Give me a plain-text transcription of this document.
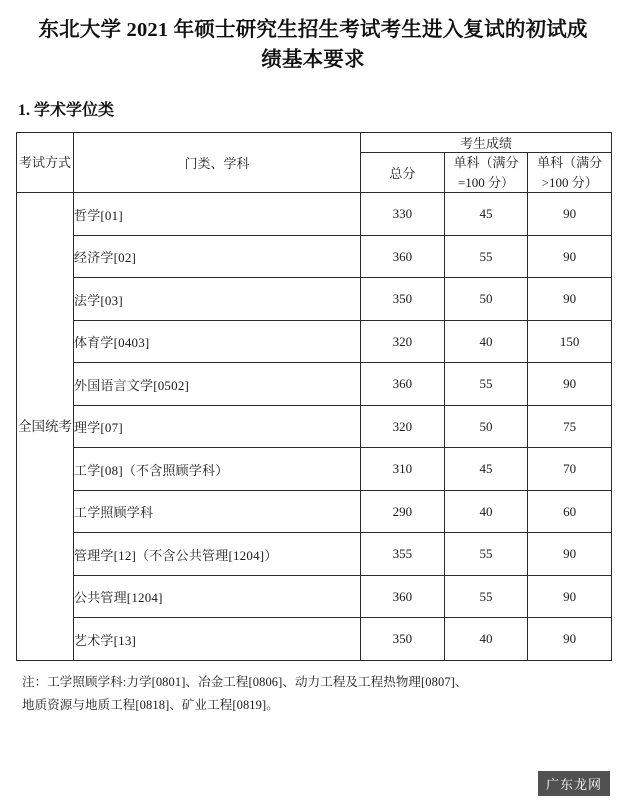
东北大学 2021 年硕士研究生招生考试考生进入复试的初试成绩基本要求
1. 学术学位类
考试方式	门类、学科	考生成绩		
		总分	单科（满分=100 分）	单科（满分>100 分）
全国统考	哲学[01]	330	45	90
	经济学[02]	360	55	90
	法学[03]	350	50	90
	体育学[0403]	320	40	150
	外国语言文学[0502]	360	55	90
	理学[07]	320	50	75
	工学[08]（不含照顾学科）	310	45	70
	工学照顾学科	290	40	60
	管理学[12]（不含公共管理[1204]）	355	55	90
	公共管理[1204]	360	55	90
	艺术学[13]	350	40	90
注：工学照顾学科:力学[0801]、冶金工程[0806]、动力工程及工程热物理[0807]、
地质资源与地质工程[0818]、矿业工程[0819]。
广东龙网
